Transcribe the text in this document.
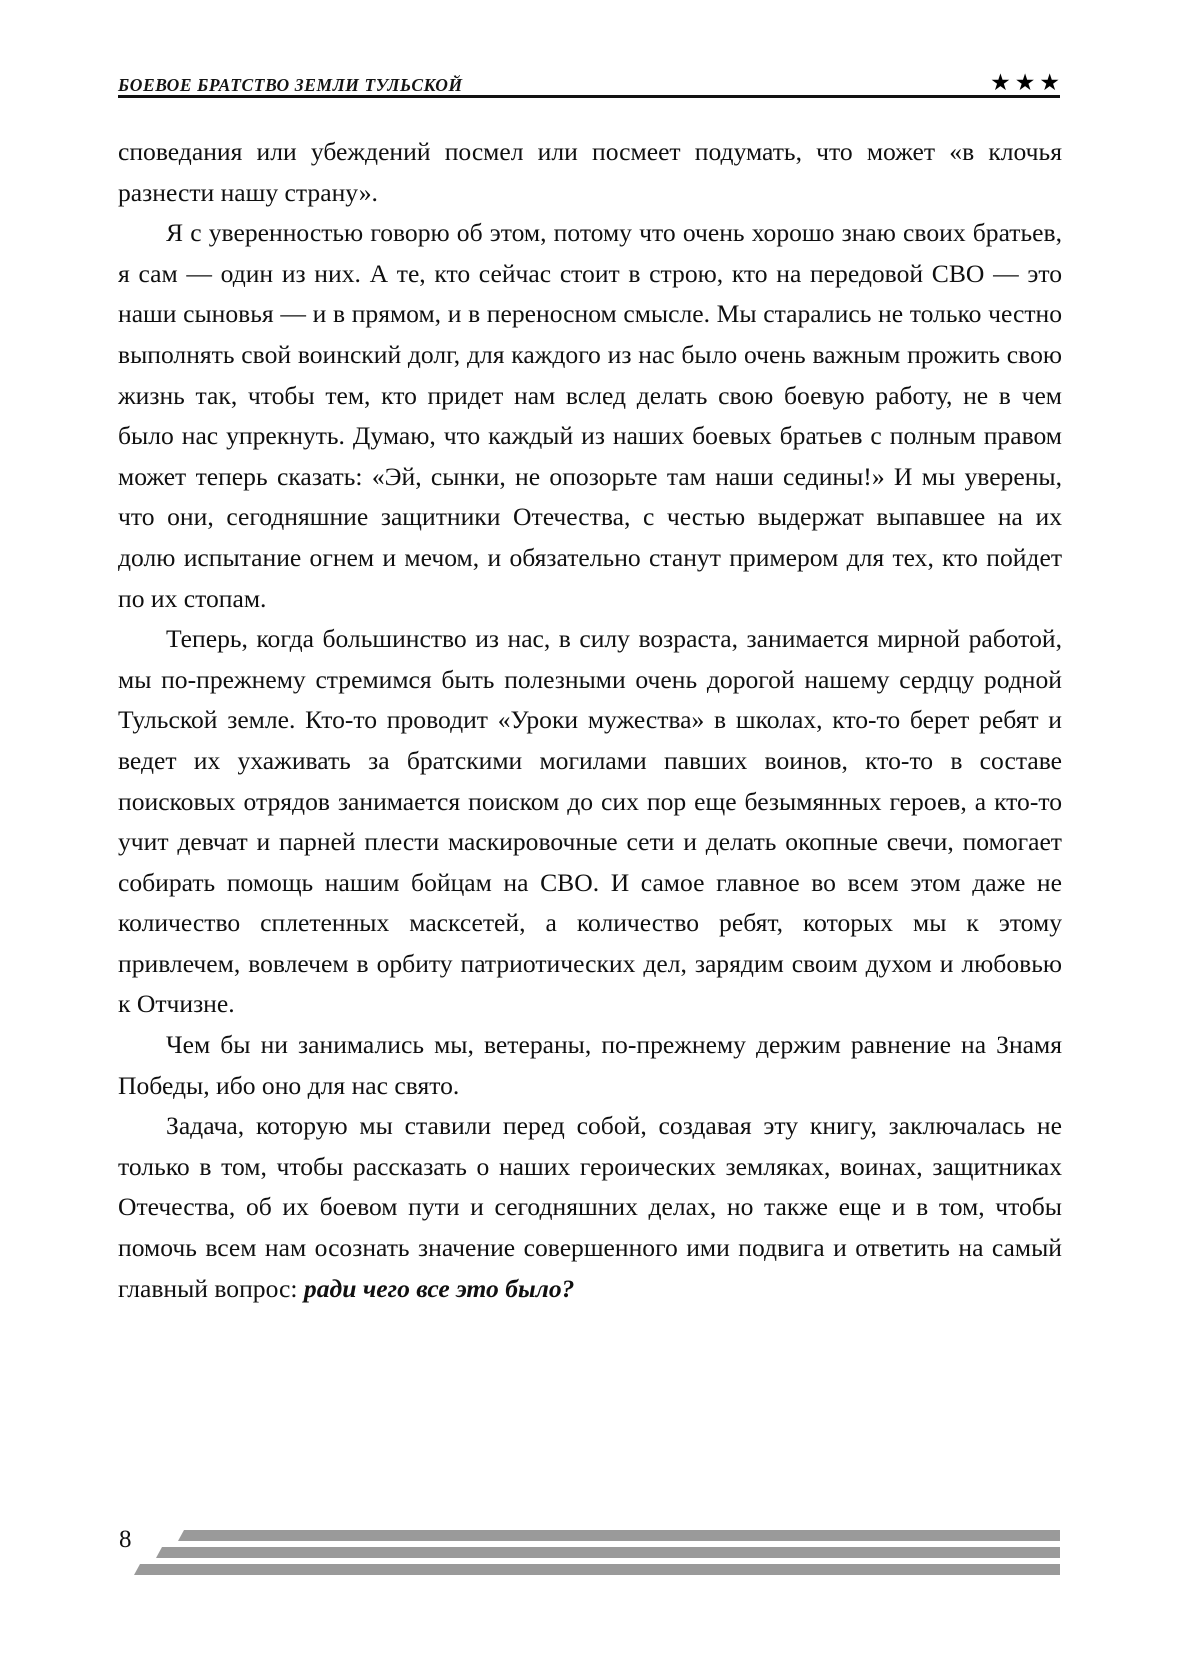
БОЕВОЕ БРАТСТВО ЗЕМЛИ ТУЛЬСКОЙ	★ ★ ★

споведания или убеждений посмел или посмеет подумать, что может «в клочья разнести нашу страну».

Я с уверенностью говорю об этом, потому что очень хорошо знаю своих братьев, я сам — один из них. А те, кто сейчас стоит в строю, кто на передовой СВО — это наши сыновья — и в прямом, и в переносном смысле. Мы старались не только честно выполнять свой воинский долг, для каждого из нас было очень важным прожить свою жизнь так, чтобы тем, кто придет нам вслед делать свою боевую работу, не в чем было нас упрекнуть. Думаю, что каждый из наших боевых братьев с полным правом может теперь сказать: «Эй, сынки, не опозорьте там наши седины!» И мы уверены, что они, сегодняшние защитники Отечества, с честью выдержат выпавшее на их долю испытание огнем и мечом, и обязательно станут примером для тех, кто пойдет по их стопам.

Теперь, когда большинство из нас, в силу возраста, занимается мирной работой, мы по-прежнему стремимся быть полезными очень дорогой нашему сердцу родной Тульской земле. Кто-то проводит «Уроки мужества» в школах, кто-то берет ребят и ведет их ухаживать за братскими могилами павших воинов, кто-то в составе поисковых отрядов занимается поиском до сих пор еще безымянных героев, а кто-то учит девчат и парней плести маскировочные сети и делать окопные свечи, помогает собирать помощь нашим бойцам на СВО. И самое главное во всем этом даже не количество сплетенных масксетей, а количество ребят, которых мы к этому привлечем, вовлечем в орбиту патриотических дел, зарядим своим духом и любовью к Отчизне.

Чем бы ни занимались мы, ветераны, по-прежнему держим равнение на Знамя Победы, ибо оно для нас свято.

Задача, которую мы ставили перед собой, создавая эту книгу, заключалась не только в том, чтобы рассказать о наших героических земляках, воинах, защитниках Отечества, об их боевом пути и сегодняшних делах, но также еще и в том, чтобы помочь всем нам осознать значение совершенного ими подвига и ответить на самый главный вопрос: ради чего все это было?

8
